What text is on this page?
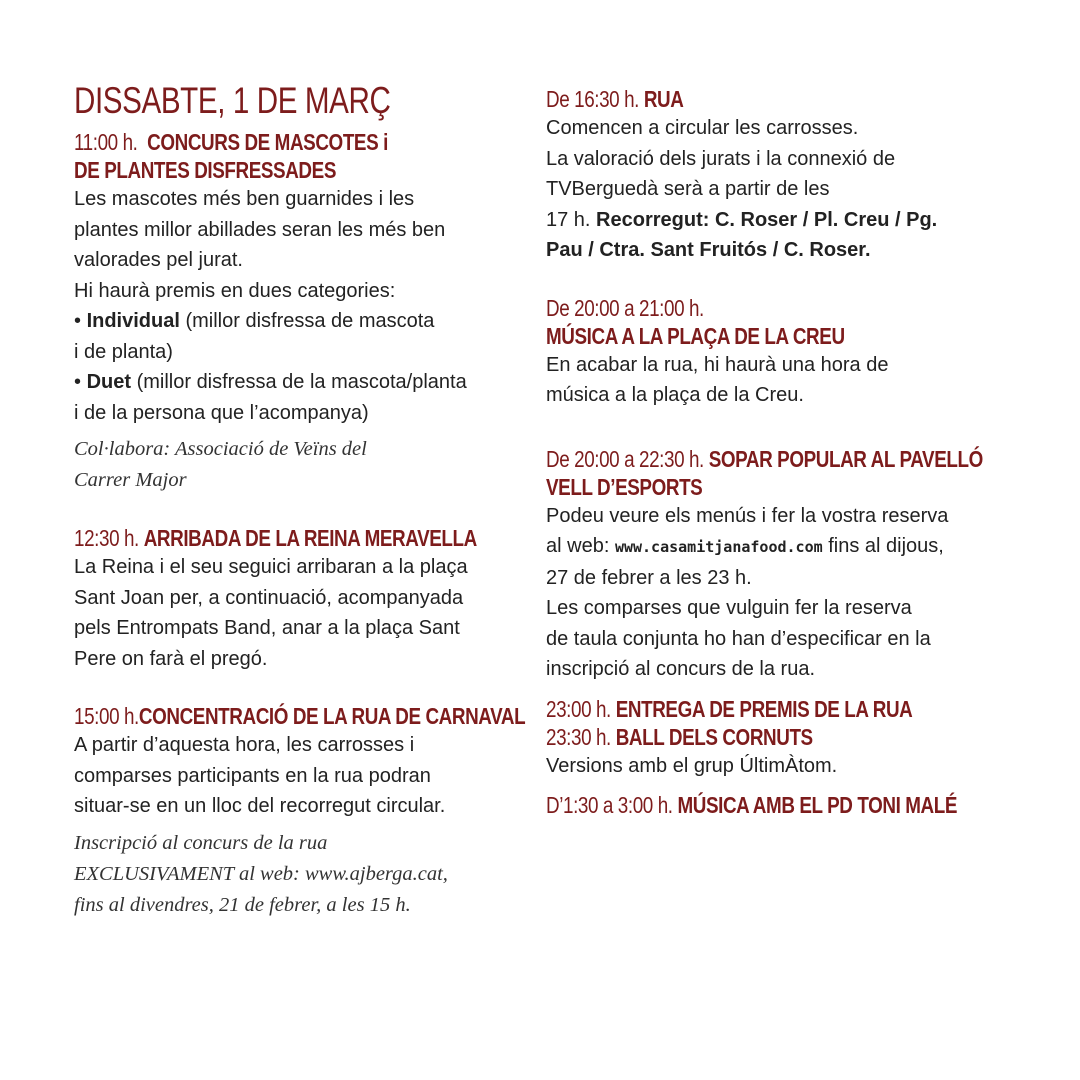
DISSABTE, 1 DE MARÇ
11:00 h. CONCURS DE MASCOTES i
DE PLANTES DISFRESSADES

Les mascotes més ben guarnides i les

plantes millor abillades seran les més ben

valorades pel jurat.

Hi haurà premis en dues categories:

• Individual (millor disfressa de mascota

i de planta)

• Duet (millor disfressa de la mascota/planta

i de la persona que l’acompanya)

Col·labora: Associació de Veïns del

Carrer Major

12:30 h. ARRIBADA DE LA REINA MERAVELLA

La Reina i el seu seguici arribaran a la plaça

Sant Joan per, a continuació, acompanyada

pels Entrompats Band, anar a la plaça Sant

Pere on farà el pregó.

15:00 h.CONCENTRACIÓ DE LA RUA DE CARNAVAL

A partir d’aquesta hora, les carrosses i

comparses participants en la rua podran

situar-se en un lloc del recorregut circular.

Inscripció al concurs de la rua

EXCLUSIVAMENT al web: www.ajberga.cat,

fins al divendres, 21 de febrer, a les 15 h.

De 16:30 h. RUA

Comencen a circular les carrosses.

La valoració dels jurats i la connexió de

TVBerguedà serà a partir de les

17 h. Recorregut: C. Roser / Pl. Creu / Pg.

Pau / Ctra. Sant Fruitós / C. Roser.

De 20:00 a 21:00 h.
MÚSICA A LA PLAÇA DE LA CREU

En acabar la rua, hi haurà una hora de

música a la plaça de la Creu.

De 20:00 a 22:30 h. SOPAR POPULAR AL PAVELLÓ
VELL D’ESPORTS

Podeu veure els menús i fer la vostra reserva

al web: www.casamitjanafood.com fins al dijous,

27 de febrer a les 23 h.

Les comparses que vulguin fer la reserva

de taula conjunta ho han d’especificar en la

inscripció al concurs de la rua.

23:00 h. ENTREGA DE PREMIS DE LA RUA
23:30 h. BALL DELS CORNUTS

Versions amb el grup ÚltimÀtom.

D’1:30 a 3:00 h. MÚSICA AMB EL PD TONI MALÉ
